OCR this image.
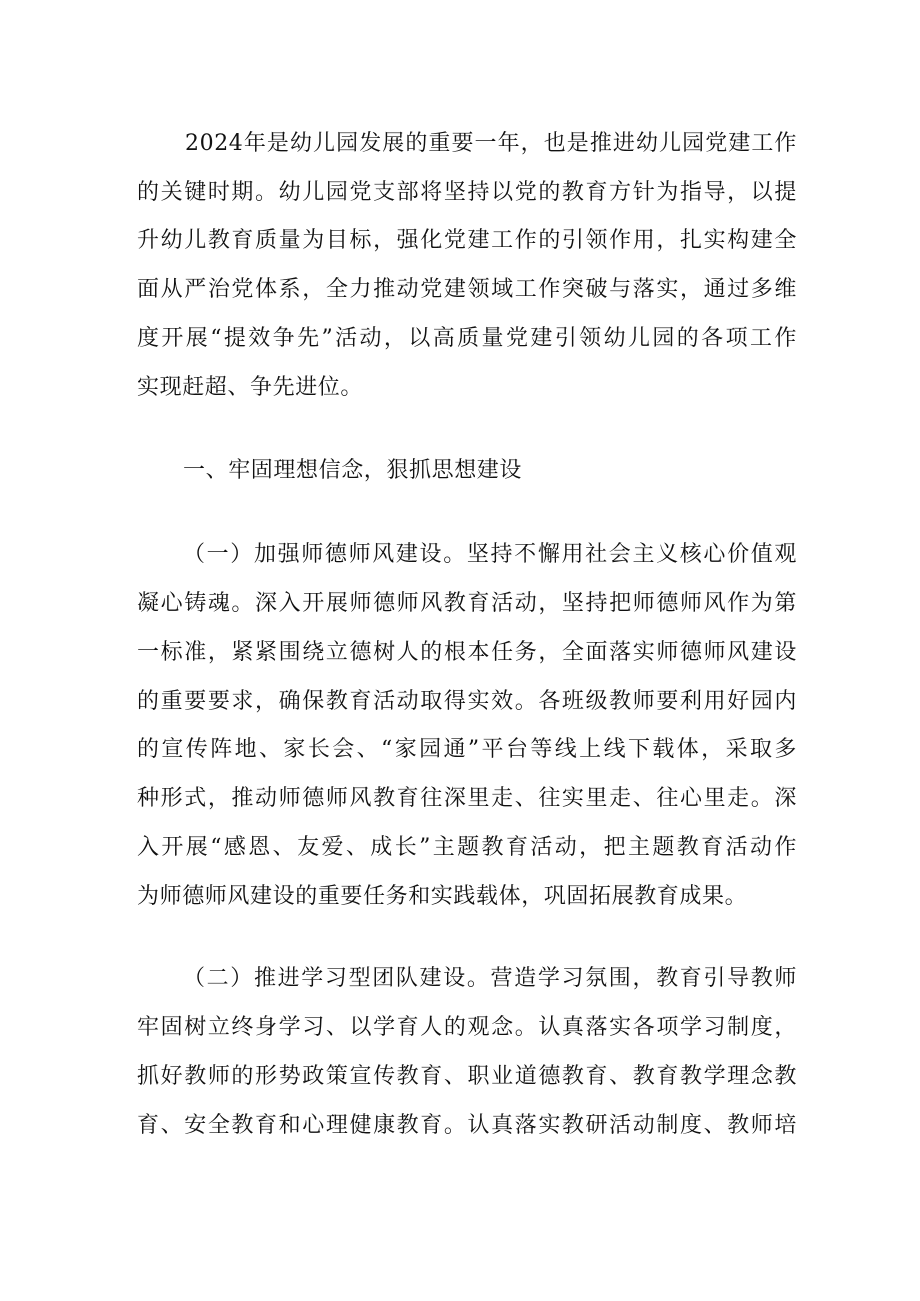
2024年是幼儿园发展的重要一年，也是推进幼儿园党建工作
的关键时期。幼儿园党支部将坚持以党的教育方针为指导，以提
升幼儿教育质量为目标，强化党建工作的引领作用，扎实构建全
面从严治党体系，全力推动党建领域工作突破与落实，通过多维
度开展“提效争先”活动，以高质量党建引领幼儿园的各项工作
实现赶超、争先进位。
一、牢固理想信念，狠抓思想建设
（一）加强师德师风建设。坚持不懈用社会主义核心价值观
凝心铸魂。深入开展师德师风教育活动，坚持把师德师风作为第
一标准，紧紧围绕立德树人的根本任务，全面落实师德师风建设
的重要要求，确保教育活动取得实效。各班级教师要利用好园内
的宣传阵地、家长会、“家园通”平台等线上线下载体，采取多
种形式，推动师德师风教育往深里走、往实里走、往心里走。深
入开展“感恩、友爱、成长”主题教育活动，把主题教育活动作
为师德师风建设的重要任务和实践载体，巩固拓展教育成果。
（二）推进学习型团队建设。营造学习氛围，教育引导教师
牢固树立终身学习、以学育人的观念。认真落实各项学习制度，
抓好教师的形势政策宣传教育、职业道德教育、教育教学理念教
育、安全教育和心理健康教育。认真落实教研活动制度、教师培
